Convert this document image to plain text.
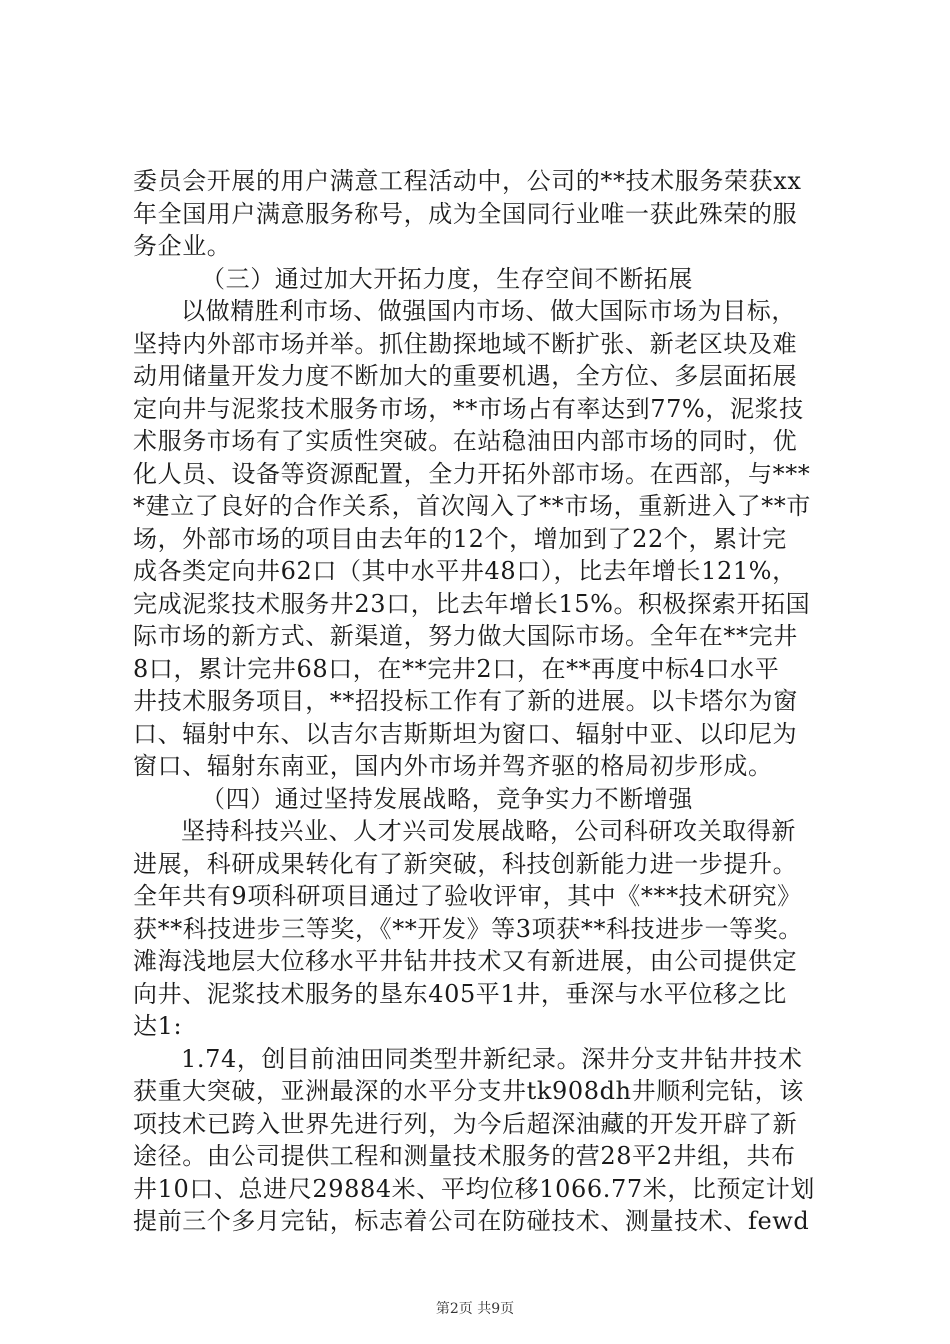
委员会开展的用户满意工程活动中，公司的**技术服务荣获xx
年全国用户满意服务称号，成为全国同行业唯一获此殊荣的服
务企业。
（三）通过加大开拓力度，生存空间不断拓展
以做精胜利市场、做强国内市场、做大国际市场为目标，
坚持内外部市场并举。抓住勘探地域不断扩张、新老区块及难
动用储量开发力度不断加大的重要机遇，全方位、多层面拓展
定向井与泥浆技术服务市场，**市场占有率达到77%，泥浆技
术服务市场有了实质性突破。在站稳油田内部市场的同时，优
化人员、设备等资源配置，全力开拓外部市场。在西部，与***
*建立了良好的合作关系，首次闯入了**市场，重新进入了**市
场，外部市场的项目由去年的12个，增加到了22个，累计完
成各类定向井62口（其中水平井48口），比去年增长121%，
完成泥浆技术服务井23口，比去年增长15%。积极探索开拓国
际市场的新方式、新渠道，努力做大国际市场。全年在**完井
8口，累计完井68口，在**完井2口，在**再度中标4口水平
井技术服务项目，**招投标工作有了新的进展。以卡塔尔为窗
口、辐射中东、以吉尔吉斯斯坦为窗口、辐射中亚、以印尼为
窗口、辐射东南亚，国内外市场并驾齐驱的格局初步形成。
（四）通过坚持发展战略，竞争实力不断增强
坚持科技兴业、人才兴司发展战略，公司科研攻关取得新
进展，科研成果转化有了新突破，科技创新能力进一步提升。
全年共有9项科研项目通过了验收评审，其中《***技术研究》
获**科技进步三等奖，《**开发》等3项获**科技进步一等奖。
滩海浅地层大位移水平井钻井技术又有新进展，由公司提供定
向井、泥浆技术服务的垦东405平1井，垂深与水平位移之比
达1:
1.74，创目前油田同类型井新纪录。深井分支井钻井技术
获重大突破，亚洲最深的水平分支井tk908dh井顺利完钻，该
项技术已跨入世界先进行列，为今后超深油藏的开发开辟了新
途径。由公司提供工程和测量技术服务的营28平2井组，共布
井10口、总进尺29884米、平均位移1066.77米，比预定计划
提前三个多月完钻，标志着公司在防碰技术、测量技术、fewd
第2页 共9页
